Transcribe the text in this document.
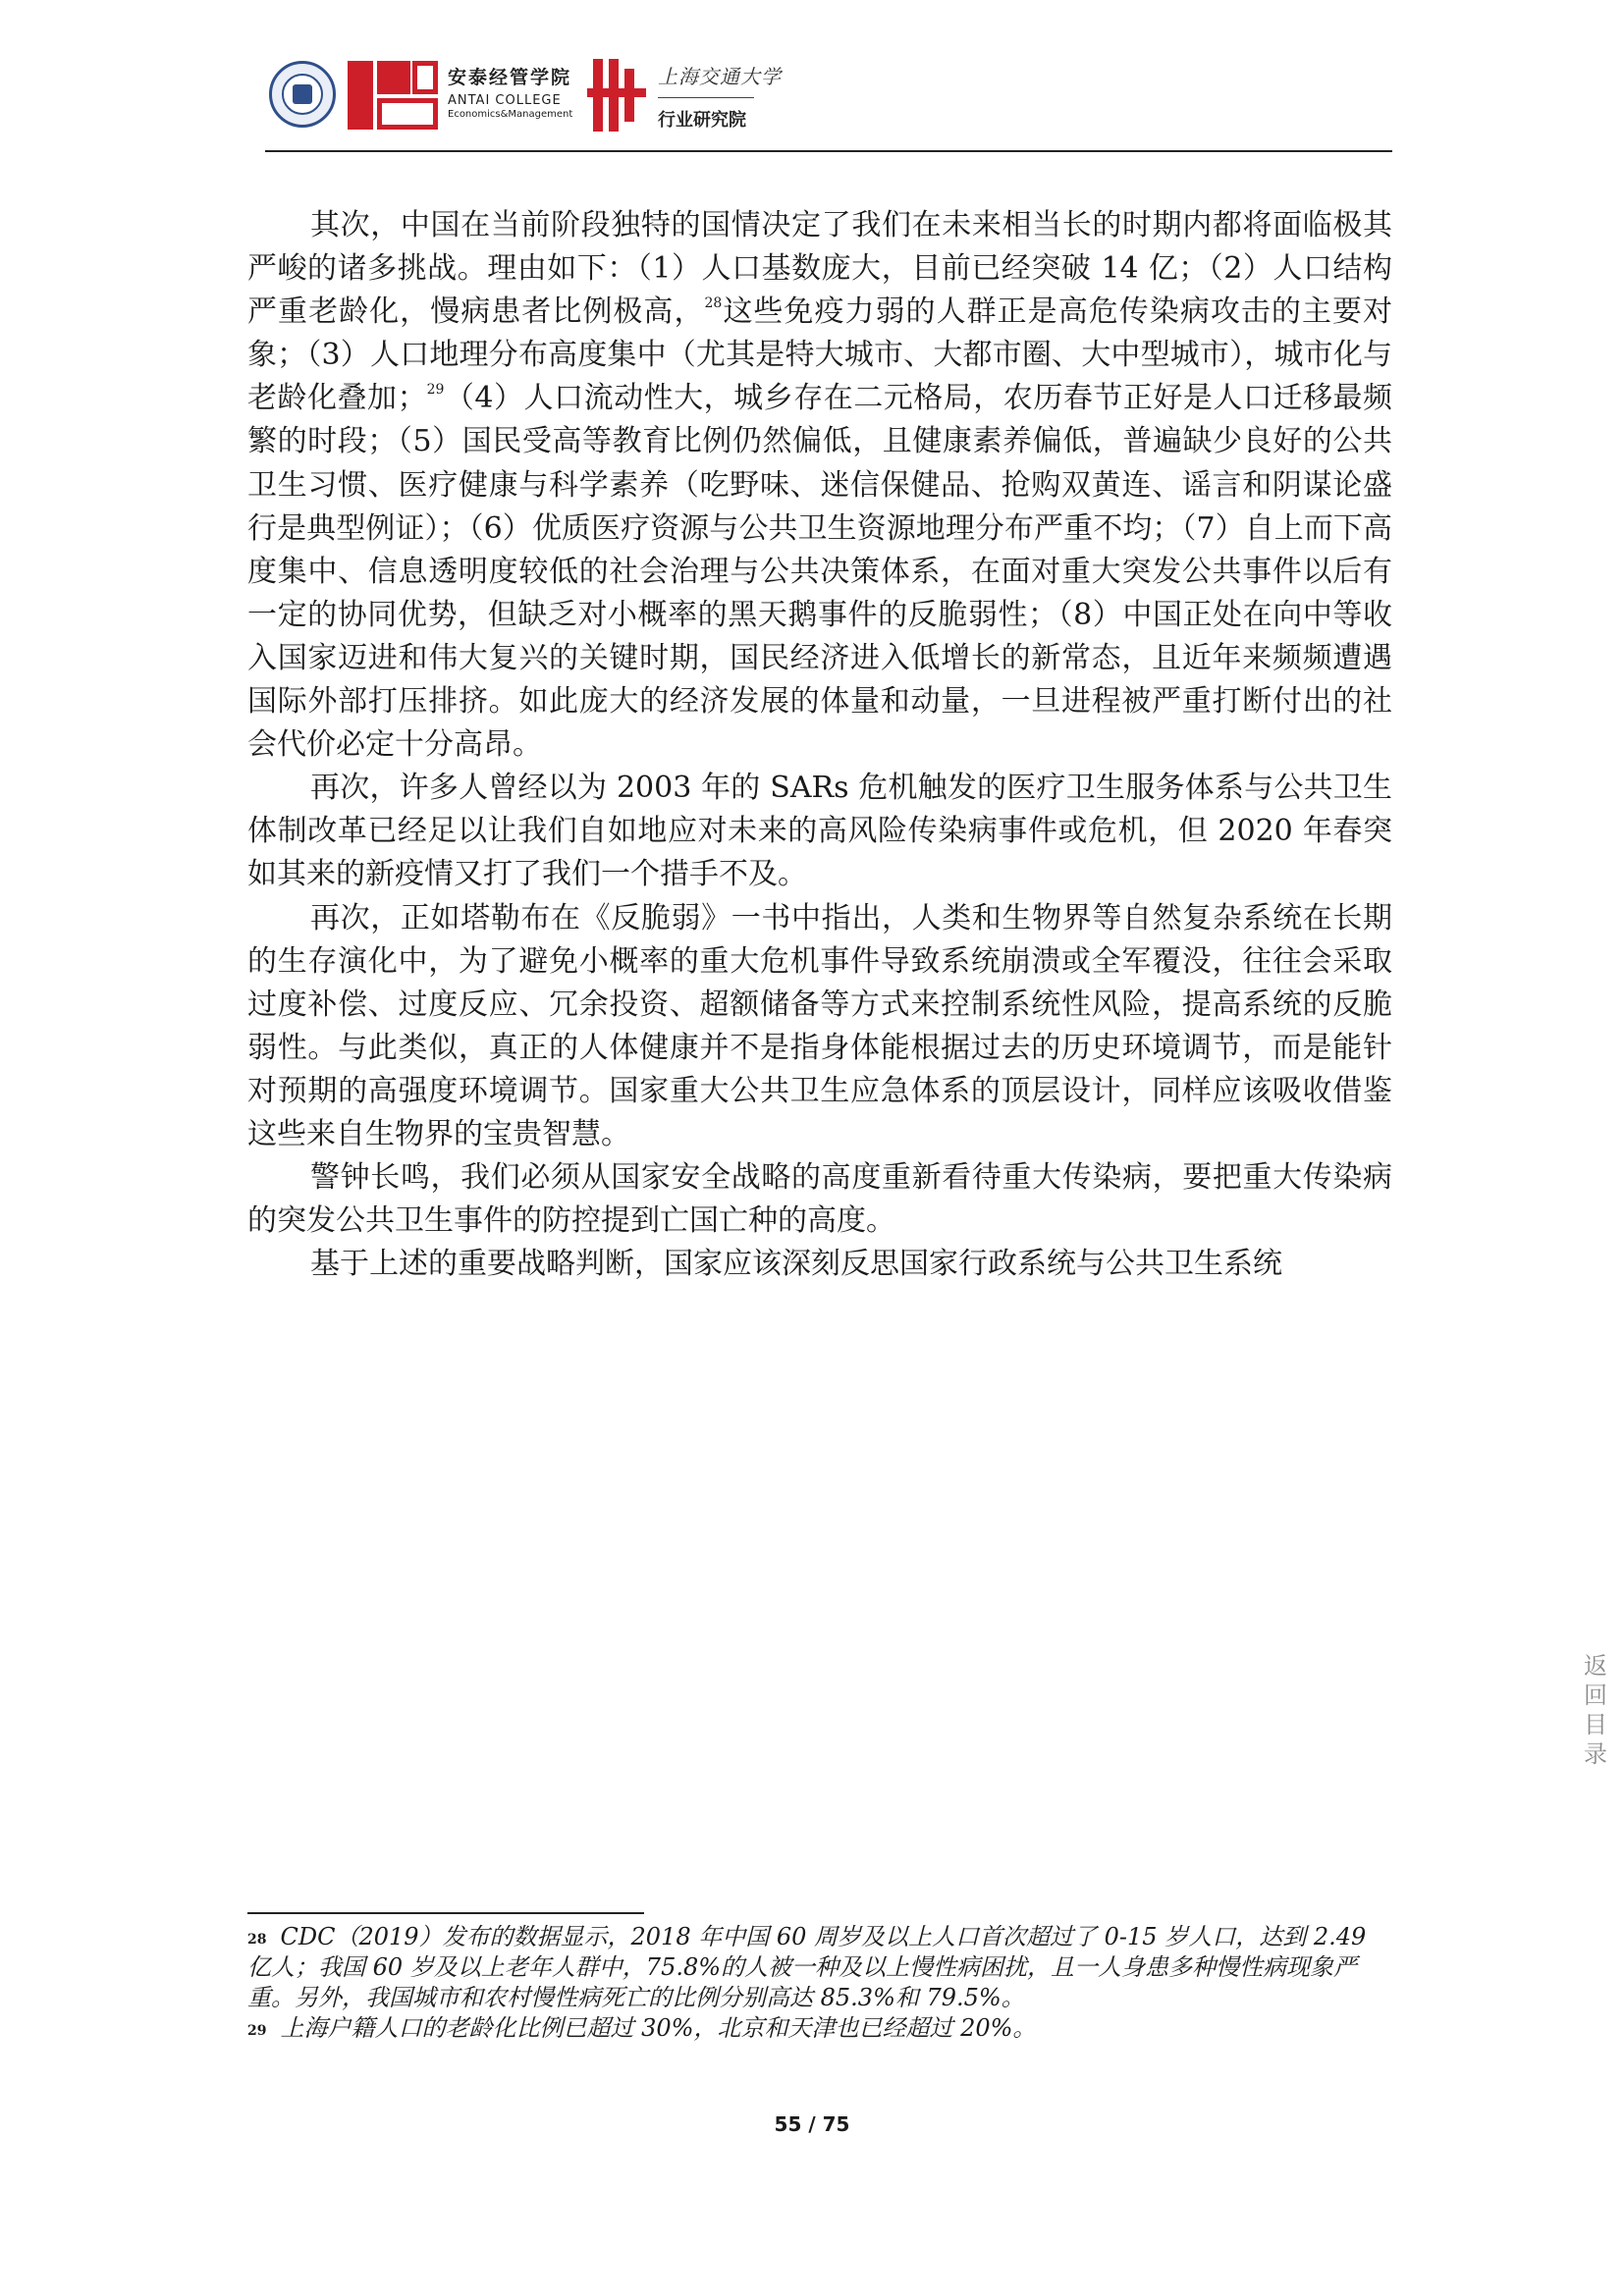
安泰经管学院
ANTAI COLLEGE
Economics&Management
上海交通大学
行业研究院

其次，中国在当前阶段独特的国情决定了我们在未来相当长的时期内都将面临极其严峻的诸多挑战。理由如下：（1）人口基数庞大，目前已经突破 14 亿；（2）人口结构严重老龄化，慢病患者比例极高，$^{28}$这些免疫力弱的人群正是高危传染病攻击的主要对象；（3）人口地理分布高度集中（尤其是特大城市、大都市圈、大中型城市），城市化与老龄化叠加；$^{29}$（4）人口流动性大，城乡存在二元格局，农历春节正好是人口迁移最频繁的时段；（5）国民受高等教育比例仍然偏低，且健康素养偏低，普遍缺少良好的公共卫生习惯、医疗健康与科学素养（吃野味、迷信保健品、抢购双黄连、谣言和阴谋论盛行是典型例证）；（6）优质医疗资源与公共卫生资源地理分布严重不均；（7）自上而下高度集中、信息透明度较低的社会治理与公共决策体系，在面对重大突发公共事件以后有一定的协同优势，但缺乏对小概率的黑天鹅事件的反脆弱性；（8）中国正处在向中等收入国家迈进和伟大复兴的关键时期，国民经济进入低增长的新常态，且近年来频频遭遇国际外部打压排挤。如此庞大的经济发展的体量和动量，一旦进程被严重打断付出的社会代价必定十分高昂。

再次，许多人曾经以为 2003 年的 SARs 危机触发的医疗卫生服务体系与公共卫生体制改革已经足以让我们自如地应对未来的高风险传染病事件或危机，但 2020 年春突如其来的新疫情又打了我们一个措手不及。

再次，正如塔勒布在《反脆弱》一书中指出，人类和生物界等自然复杂系统在长期的生存演化中，为了避免小概率的重大危机事件导致系统崩溃或全军覆没，往往会采取过度补偿、过度反应、冗余投资、超额储备等方式来控制系统性风险，提高系统的反脆弱性。与此类似，真正的人体健康并不是指身体能根据过去的历史环境调节，而是能针对预期的高强度环境调节。国家重大公共卫生应急体系的顶层设计，同样应该吸收借鉴这些来自生物界的宝贵智慧。

警钟长鸣，我们必须从国家安全战略的高度重新看待重大传染病，要把重大传染病的突发公共卫生事件的防控提到亡国亡种的高度。

基于上述的重要战略判断，国家应该深刻反思国家行政系统与公共卫生系统

返
回
目
录

$^{28}$ CDC（2019）发布的数据显示，2018 年中国 60 周岁及以上人口首次超过了 0-15 岁人口，达到 2.49 亿人；我国 60 岁及以上老年人群中，75.8%的人被一种及以上慢性病困扰，且一人身患多种慢性病现象严重。另外，我国城市和农村慢性病死亡的比例分别高达 85.3%和 79.5%。

$^{29}$ 上海户籍人口的老龄化比例已超过 30%，北京和天津也已经超过 20%。

55 / 75
